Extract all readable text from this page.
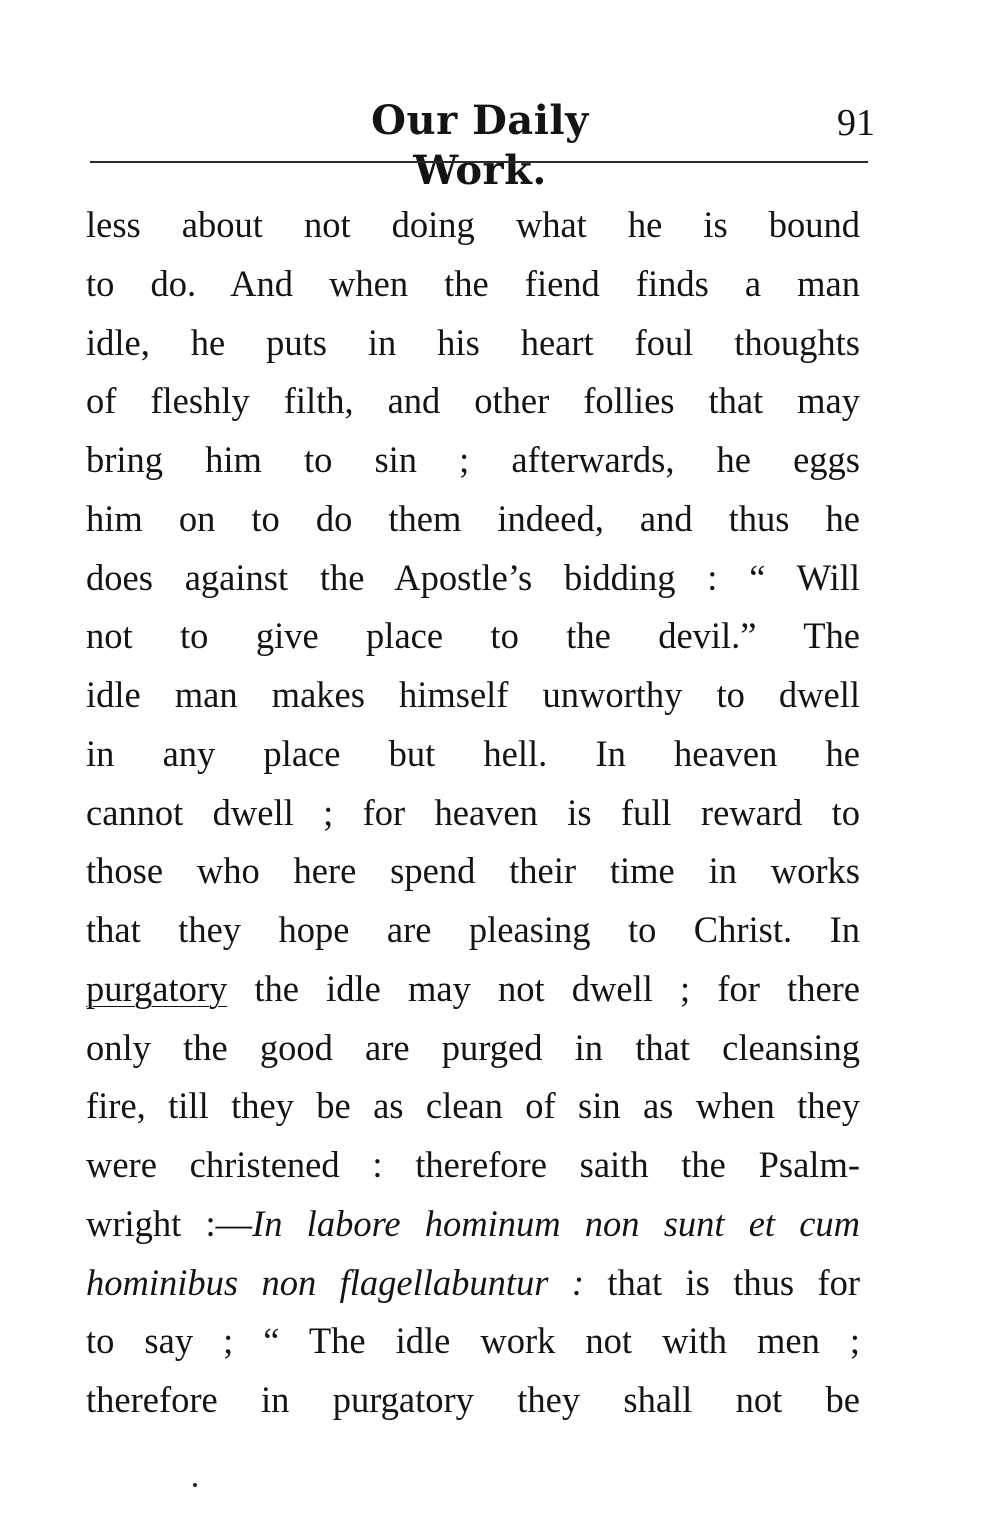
Our Daily Work.
91
less about not doing what he is bound
to do. And when the fiend finds a man
idle, he puts in his heart foul thoughts
of fleshly filth, and other follies that may
bring him to sin ; afterwards, he eggs
him on to do them indeed, and thus he
does against the Apostle’s bidding : “ Will
not to give place to the devil.” The
idle man makes himself unworthy to dwell
in any place but hell. In heaven he
cannot dwell ; for heaven is full reward to
those who here spend their time in works
that they hope are pleasing to Christ. In
purgatory the idle may not dwell ; for there
only the good are purged in that cleansing
fire, till they be as clean of sin as when they
were christened : therefore saith the Psalm-
wright :—In labore hominum non sunt et cum
hominibus non flagellabuntur : that is thus for
to say ; “ The idle work not with men ;
therefore in purgatory they shall not be
